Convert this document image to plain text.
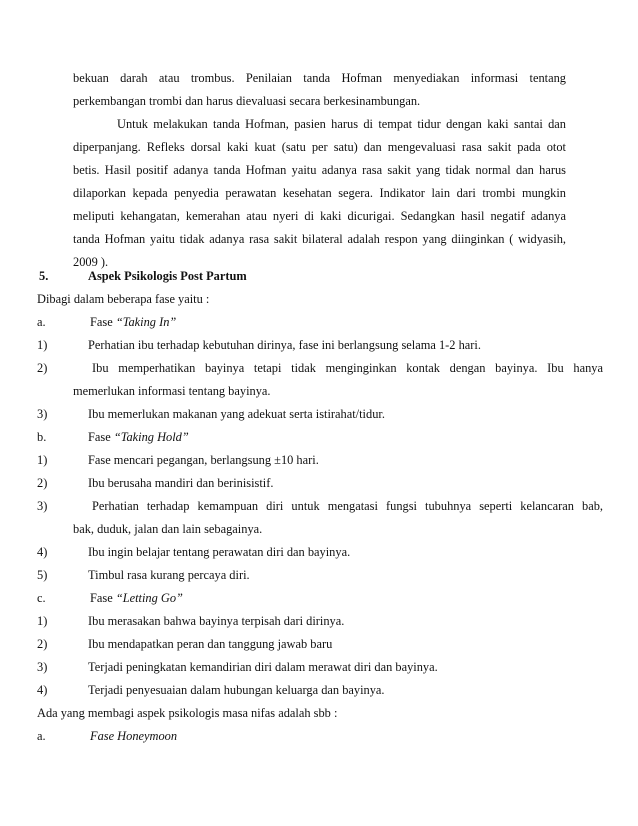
bekuan darah atau trombus. Penilaian tanda Hofman menyediakan informasi tentang
perkembangan trombi dan harus dievaluasi secara berkesinambungan.
Untuk melakukan tanda Hofman, pasien harus di tempat tidur dengan kaki santai dan
diperpanjang. Refleks dorsal kaki kuat (satu per satu) dan mengevaluasi rasa sakit pada otot
betis. Hasil positif adanya tanda Hofman yaitu adanya rasa sakit yang tidak normal dan harus
dilaporkan kepada penyedia perawatan kesehatan segera. Indikator lain dari trombi mungkin
meliputi kehangatan, kemerahan atau nyeri di kaki dicurigai. Sedangkan hasil negatif adanya
tanda Hofman yaitu tidak adanya rasa sakit bilateral adalah respon yang diinginkan ( widyasih,
2009 ).
5.	Aspek Psikologis Post Partum
Dibagi dalam beberapa fase yaitu :
a.	Fase “Taking In”
1)	Perhatian ibu terhadap kebutuhan dirinya, fase ini berlangsung selama 1-2 hari.
2)	Ibu memperhatikan bayinya tetapi tidak menginginkan kontak dengan bayinya. Ibu hanya
memerlukan informasi tentang bayinya.
3)	Ibu memerlukan makanan yang adekuat serta istirahat/tidur.
b.	Fase “Taking Hold”
1)	Fase mencari pegangan, berlangsung ±10 hari.
2)	Ibu berusaha mandiri dan berinisistif.
3)	Perhatian terhadap kemampuan diri untuk mengatasi fungsi tubuhnya seperti kelancaran bab,
bak, duduk, jalan dan lain sebagainya.
4)	Ibu ingin belajar tentang perawatan diri dan bayinya.
5)	Timbul rasa kurang percaya diri.
c.	Fase “Letting Go”
1)	Ibu merasakan bahwa bayinya terpisah dari dirinya.
2)	Ibu mendapatkan peran dan tanggung jawab baru
3)	Terjadi peningkatan kemandirian diri dalam merawat diri dan bayinya.
4)	Terjadi penyesuaian dalam hubungan keluarga dan bayinya.
Ada yang membagi aspek psikologis masa nifas adalah sbb :
a.	Fase Honeymoon
